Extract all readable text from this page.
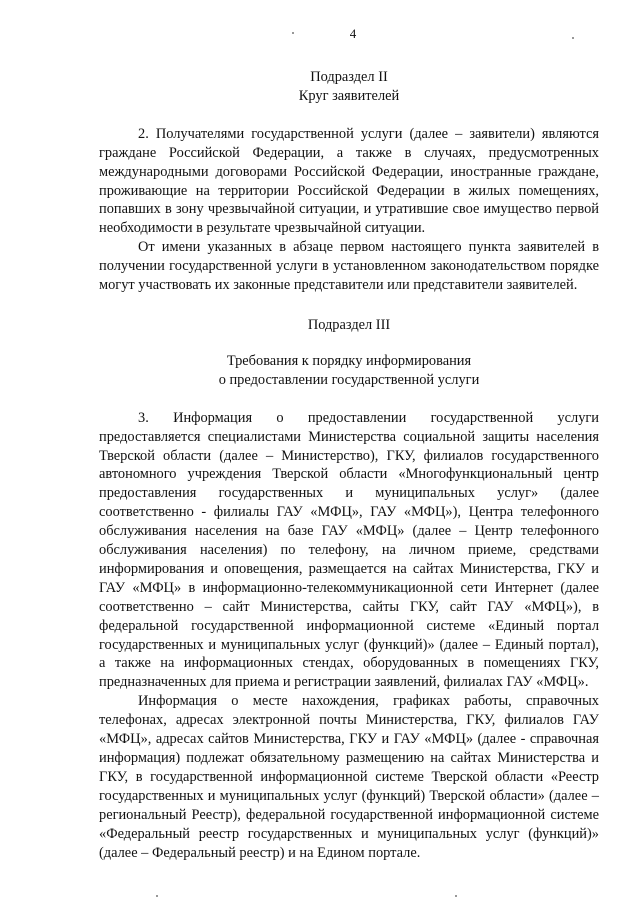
4
Подраздел II
Круг заявителей

2. Получателями государственной услуги (далее – заявители) являются граждане Российской Федерации, а также в случаях, предусмотренных международными договорами Российской Федерации, иностранные граждане, проживающие на территории Российской Федерации в жилых помещениях, попавших в зону чрезвычайной ситуации, и утратившие свое имущество первой необходимости в результате чрезвычайной ситуации.

От имени указанных в абзаце первом настоящего пункта заявителей в получении государственной услуги в установленном законодательством порядке могут участвовать их законные представители или представители заявителей.

Подраздел III
Требования к порядку информирования
о предоставлении государственной услуги

3. Информация о предоставлении государственной услуги предоставляется специалистами Министерства социальной защиты населения Тверской области (далее – Министерство), ГКУ, филиалов государственного автономного учреждения Тверской области «Многофункциональный центр предоставления государственных и муниципальных услуг» (далее соответственно - филиалы ГАУ «МФЦ», ГАУ «МФЦ»), Центра телефонного обслуживания населения на базе ГАУ «МФЦ» (далее – Центр телефонного обслуживания населения) по телефону, на личном приеме, средствами информирования и оповещения, размещается на сайтах Министерства, ГКУ и ГАУ «МФЦ» в информационно-телекоммуникационной сети Интернет (далее соответственно – сайт Министерства, сайты ГКУ, сайт ГАУ «МФЦ»), в федеральной государственной информационной системе «Единый портал государственных и муниципальных услуг (функций)» (далее – Единый портал), а также на информационных стендах, оборудованных в помещениях ГКУ, предназначенных для приема и регистрации заявлений, филиалах ГАУ «МФЦ».

Информация о месте нахождения, графиках работы, справочных телефонах, адресах электронной почты Министерства, ГКУ, филиалов ГАУ «МФЦ», адресах сайтов Министерства, ГКУ и ГАУ «МФЦ» (далее - справочная информация) подлежат обязательному размещению на сайтах Министерства и ГКУ, в государственной информационной системе Тверской области «Реестр государственных и муниципальных услуг (функций) Тверской области» (далее – региональный Реестр), федеральной государственной информационной системе «Федеральный реестр государственных и муниципальных услуг (функций)» (далее – Федеральный реестр) и на Едином портале.
